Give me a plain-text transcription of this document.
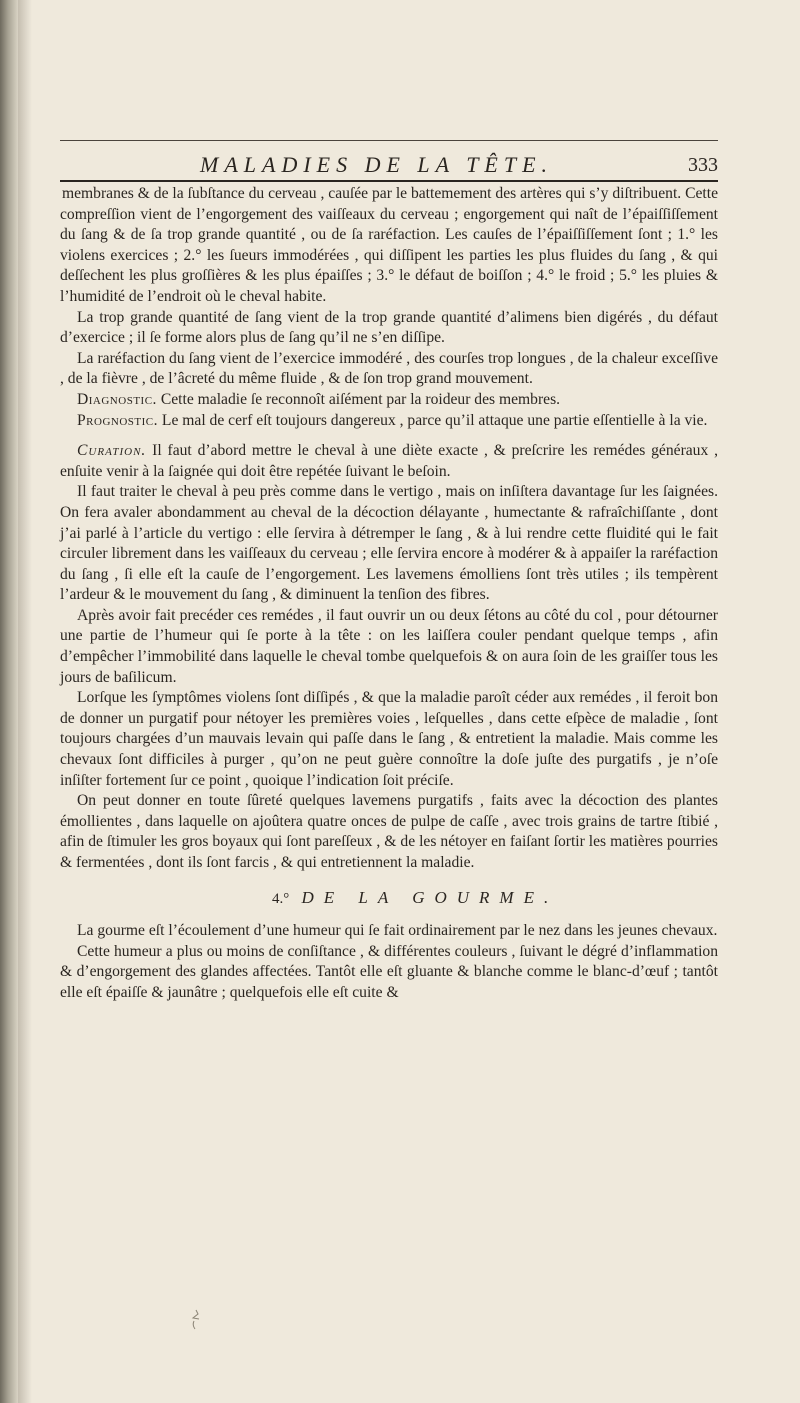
MALADIES DE LA TÊTE.	333

membranes & de la ſubſtance du cerveau , cauſée par le battemement des artères qui s’y diſtribuent. Cette compreſſion vient de l’engorgement des vaiſſeaux du cerveau ; engorgement qui naît de l’épaiſſiſſement du ſang & de ſa trop grande quantité , ou de ſa raréfaction. Les cauſes de l’épaiſſiſſement ſont ; 1.° les violens exercices ; 2.° les ſueurs immodérées , qui diſſipent les parties les plus fluides du ſang , & qui deſſechent les plus groſſières & les plus épaiſſes ; 3.° le défaut de boiſſon ; 4.° le froid ; 5.° les pluies & l’humidité de l’endroit où le cheval habite.

La trop grande quantité de ſang vient de la trop grande quantité d’alimens bien digérés , du défaut d’exercice ; il ſe forme alors plus de ſang qu’il ne s’en diſſipe.

La raréfaction du ſang vient de l’exercice immodéré , des courſes trop longues , de la chaleur exceſſive , de la fièvre , de l’âcreté du même fluide , & de ſon trop grand mouvement.

Diagnostic. Cette maladie ſe reconnoît aiſément par la roideur des membres.

Prognostic. Le mal de cerf eſt toujours dangereux , parce qu’il attaque une partie eſſentielle à la vie.

Curation. Il faut d’abord mettre le cheval à une diète exacte , & preſcrire les remédes généraux , enſuite venir à la ſaignée qui doit être repétée ſuivant le beſoin.

Il faut traiter le cheval à peu près comme dans le vertigo , mais on inſiſtera davantage ſur les ſaignées. On fera avaler abondamment au cheval de la décoction délayante , humectante & rafraîchiſſante , dont j’ai parlé à l’article du vertigo : elle ſervira à détremper le ſang , & à lui rendre cette fluidité qui le fait circuler librement dans les vaiſſeaux du cerveau ; elle ſervira encore à modérer & à appaiſer la raréfaction du ſang , ſi elle eſt la cauſe de l’engorgement. Les lavemens émolliens ſont très utiles ; ils tempèrent l’ardeur & le mouvement du ſang , & diminuent la tenſion des fibres.

Après avoir fait precéder ces remédes , il faut ouvrir un ou deux ſétons au côté du col , pour détourner une partie de l’humeur qui ſe porte à la tête : on les laiſſera couler pendant quelque temps , afin d’empêcher l’immobilité dans laquelle le cheval tombe quelquefois & on aura ſoin de les graiſſer tous les jours de baſilicum.

Lorſque les ſymptômes violens ſont diſſipés , & que la maladie paroît céder aux remédes , il feroit bon de donner un purgatif pour nétoyer les premières voies , leſquelles , dans cette eſpèce de maladie , ſont toujours chargées d’un mauvais levain qui paſſe dans le ſang , & entretient la maladie. Mais comme les chevaux ſont difficiles à purger , qu’on ne peut guère connoître la doſe juſte des purgatifs , je n’oſe inſiſter fortement ſur ce point , quoique l’indication ſoit préciſe.

On peut donner en toute ſûreté quelques lavemens purgatifs , faits avec la décoction des plantes émollientes , dans laquelle on ajoûtera quatre onces de pulpe de caſſe , avec trois grains de tartre ſtibié , afin de ſtimuler les gros boyaux qui ſont pareſſeux , & de les nétoyer en faiſant ſortir les matières pourries & fermentées , dont ils ſont farcis , & qui entretiennent la maladie.

4.° DE LA GOURME.

La gourme eſt l’écoulement d’une humeur qui ſe fait ordinairement par le nez dans les jeunes chevaux.

Cette humeur a plus ou moins de conſiſtance , & différentes couleurs , ſuivant le dégré d’inflammation & d’engorgement des glandes affectées. Tantôt elle eſt gluante & blanche comme le blanc-d’œuf ; tantôt elle eſt épaiſſe & jaunâtre ; quelquefois elle eſt cuite &
